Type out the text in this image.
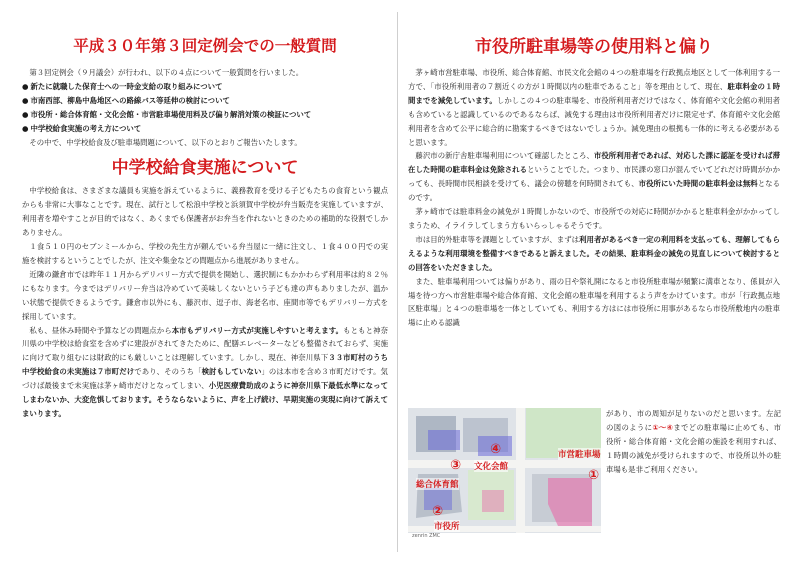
平成３０年第３回定例会での一般質問

第３回定例会（９月議会）が行われ、以下の４点について一般質問を行いました。

● 新たに就職した保育士への一時金支給の取り組みについて
● 市南西部、柳島中島地区への路線バス等延伸の検討について
● 市役所・総合体育館・文化会館・市営駐車場使用料及び偏り解消対策の検証について
● 中学校給食実施の考え方について

その中で、中学校給食及び駐車場問題について、以下のとおりご報告いたします。

中学校給食実施について

中学校給食は、さまざまな議員も実施を訴えているように、義務教育を受ける子どもたちの食育という観点からも非常に大事なことです。現在、試行として松浪中学校と浜須賀中学校が弁当販売を実施していますが、利用者を増やすことが目的ではなく、あくまでも保護者がお弁当を作れないときのための補助的な役割でしかありません。

１食５１０円のセブンミールから、学校の先生方が頼んでいる弁当屋に一緒に注文し、１食４００円での実施を検討するということでしたが、注文や集金などの問題点から進展がありません。

近隣の鎌倉市では昨年１１月からデリバリー方式で提供を開始し、選択制にもかかわらず利用率は約８２％にもなります。今まではデリバリー弁当は冷めていて美味しくないという子ども達の声もありましたが、温かい状態で提供できるようです。鎌倉市以外にも、藤沢市、逗子市、海老名市、座間市等でもデリバリー方式を採用しています。

私も、昼休み時間や予算などの問題点から本市もデリバリー方式が実施しやすいと考えます。もともと神奈川県の中学校は給食室を含めずに建設がされてきたために、配膳エレベーターなども整備されておらず、実施に向けて取り組むには財政的にも厳しいことは理解しています。しかし、現在、神奈川県下３３市町村のうち中学校給食の未実施は７市町だけであり、そのうち「検討もしていない」のは本市を含め３市町だけです。気づけば最後まで未実施は茅ヶ崎市だけとなってしまい、小児医療費助成のように神奈川県下最低水準になってしまわないか、大変危惧しております。そうならないように、声を上げ続け、早期実施の実現に向けて訴えてまいります。

市役所駐車場等の使用料と偏り

茅ヶ崎市営駐車場、市役所、総合体育館、市民文化会館の４つの駐車場を行政拠点地区として一体利用する一方で、「市役所利用者の７割近くの方が１時間以内の駐車であること」等を理由として、現在、駐車料金の１時間までを減免しています。しかしこの４つの駐車場を、市役所利用者だけではなく、体育館や文化会館の利用者も含めていると認識しているのであるならば、減免する理由は市役所利用者だけに限定せず、体育館や文化会館利用者を含めて公平に総合的に勘案するべきではないでしょうか。減免理由の根拠も一体的に考える必要があると思います。

藤沢市の新庁舎駐車場利用について確認したところ、市役所利用者であれば、対応した課に認証を受ければ滞在した時間の駐車料金は免除されるということでした。つまり、市民課の窓口が混んでいてどれだけ時間がかかっても、長時間市民相談を受けても、議会の傍聴を何時間されても、市役所にいた時間の駐車料金は無料となるのです。

茅ヶ崎市では駐車料金の減免が１時間しかないので、市役所での対応に時間がかかると駐車料金がかかってしまうため、イライラしてしまう方もいらっしゃるそうです。

市は目的外駐車等を課題としていますが、まずは利用者があるべき一定の利用料を支払っても、理解してもらえるような利用環境を整備すべきであると訴えました。その結果、駐車料金の減免の見直しについて検討するとの回答をいただきました。

また、駐車場利用ついては偏りがあり、雨の日や祭礼開になると市役所駐車場が頻繁に満車となり、係員が入場を待つ方へ市営駐車場や総合体育館、文化会館の駐車場を利用するよう声をかけています。市が「行政拠点地区駐車場」と４つの駐車場を一体としていても、利用する方はには市役所に用事があるなら市役所敷地内の駐車場に止める認識

④
文化会館
③
総合体育館
市営駐車場
①
②
市役所
zenrin ZMC

があり、市の周知が足りないのだと思います。左記の図のように①〜④までどの駐車場に止めても、市役所・総合体育館・文化会館の施設を利用すれば、１時間の減免が受けられますので、市役所以外の駐車場も是非ご利用ください。
